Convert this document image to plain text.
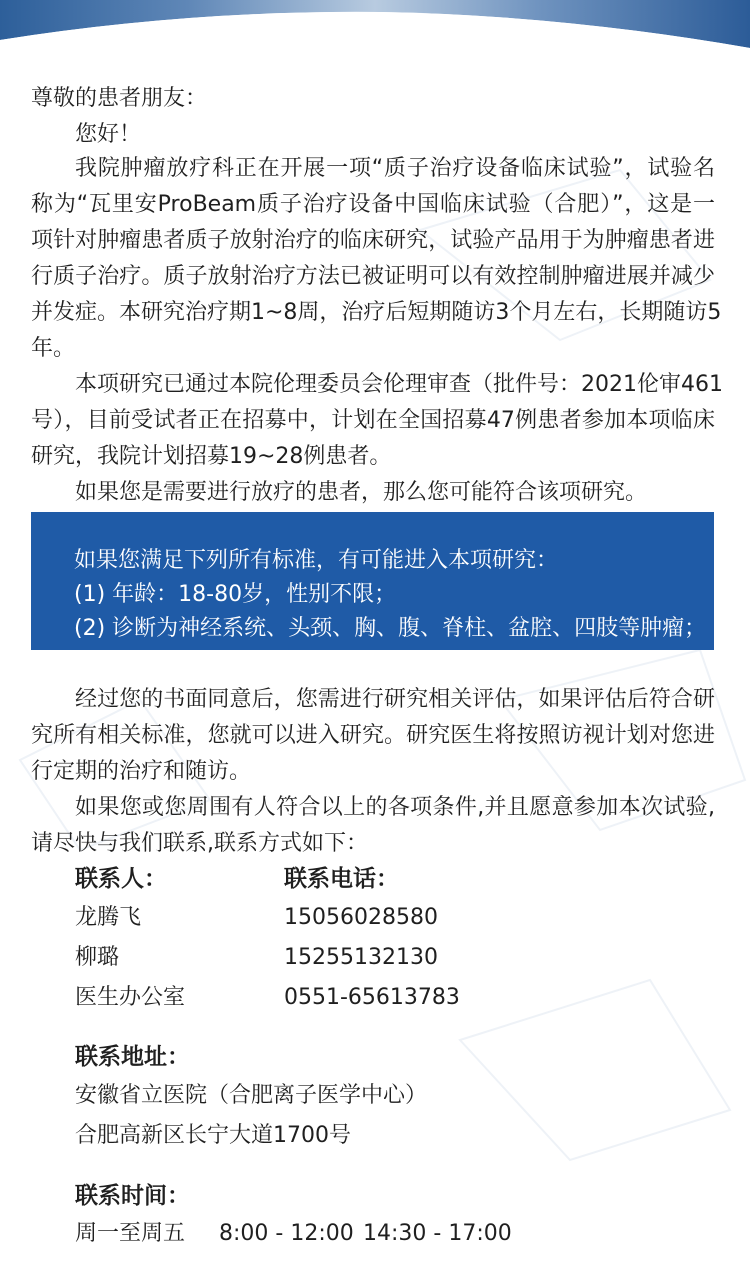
尊敬的患者朋友：
您好！
我院肿瘤放疗科正在开展一项“质子治疗设备临床试验”，试验名
称为“瓦里安ProBeam质子治疗设备中国临床试验（合肥）”，这是一
项针对肿瘤患者质子放射治疗的临床研究，试验产品用于为肿瘤患者进
行质子治疗。质子放射治疗方法已被证明可以有效控制肿瘤进展并减少
并发症。本研究治疗期1~8周，治疗后短期随访3个月左右，长期随访5
年。
本项研究已通过本院伦理委员会伦理审查（批件号：2021伦审461
号），目前受试者正在招募中，计划在全国招募47例患者参加本项临床
研究，我院计划招募19~28例患者。
如果您是需要进行放疗的患者，那么您可能符合该项研究。
如果您满足下列所有标准，有可能进入本项研究：
(1) 年龄：18-80岁，性别不限；
(2) 诊断为神经系统、头颈、胸、腹、脊柱、盆腔、四肢等肿瘤；
经过您的书面同意后，您需进行研究相关评估，如果评估后符合研
究所有相关标准，您就可以进入研究。研究医生将按照访视计划对您进
行定期的治疗和随访。
如果您或您周围有人符合以上的各项条件,并且愿意参加本次试验,
请尽快与我们联系,联系方式如下：
联系人：	联系电话：
龙腾飞	15056028580
柳璐	15255132130
医生办公室	0551-65613783
联系地址：
安徽省立医院（合肥离子医学中心）
合肥高新区长宁大道1700号
联系时间：
周一至周五 8:00 - 12:00 14:30 - 17:00
